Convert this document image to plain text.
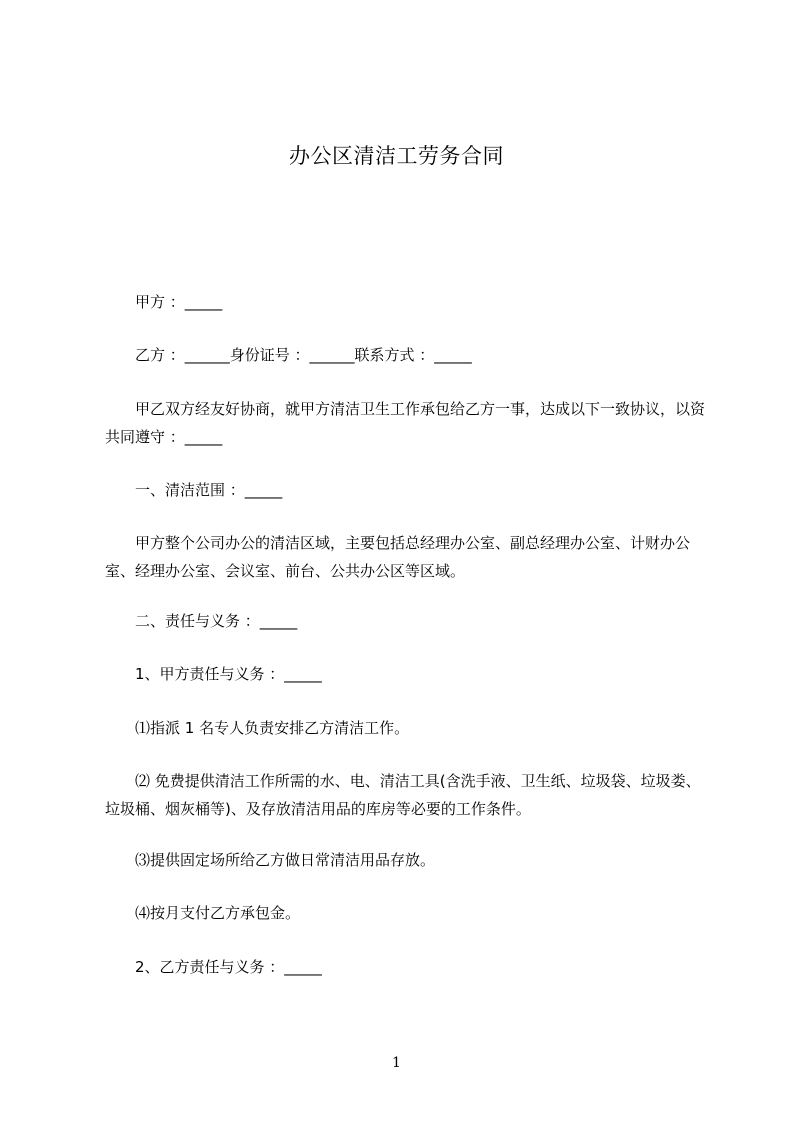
办公区清洁工劳务合同
甲方 ：_____
乙方 ：______身份证号 ：______联系方式 ：_____
甲乙双方经友好协商，就甲方清洁卫生工作承包给乙方一事，达成以下一致协议，以资共同遵守 ：_____
一、清洁范围 ：_____
甲方整个公司办公的清洁区域，主要包括总经理办公室、副总经理办公室、计财办公室、经理办公室、会议室、前台、公共办公区等区域。
二、责任与义务 ：_____
1、甲方责任与义务 ：_____
⑴指派 1 名专人负责安排乙方清洁工作。
⑵ 免费提供清洁工作所需的水、电、清洁工具(含洗手液、卫生纸、垃圾袋、垃圾娄、垃圾桶、烟灰桶等)、及存放清洁用品的库房等必要的工作条件。
⑶提供固定场所给乙方做日常清洁用品存放。
⑷按月支付乙方承包金。
2、乙方责任与义务 ：_____
1
